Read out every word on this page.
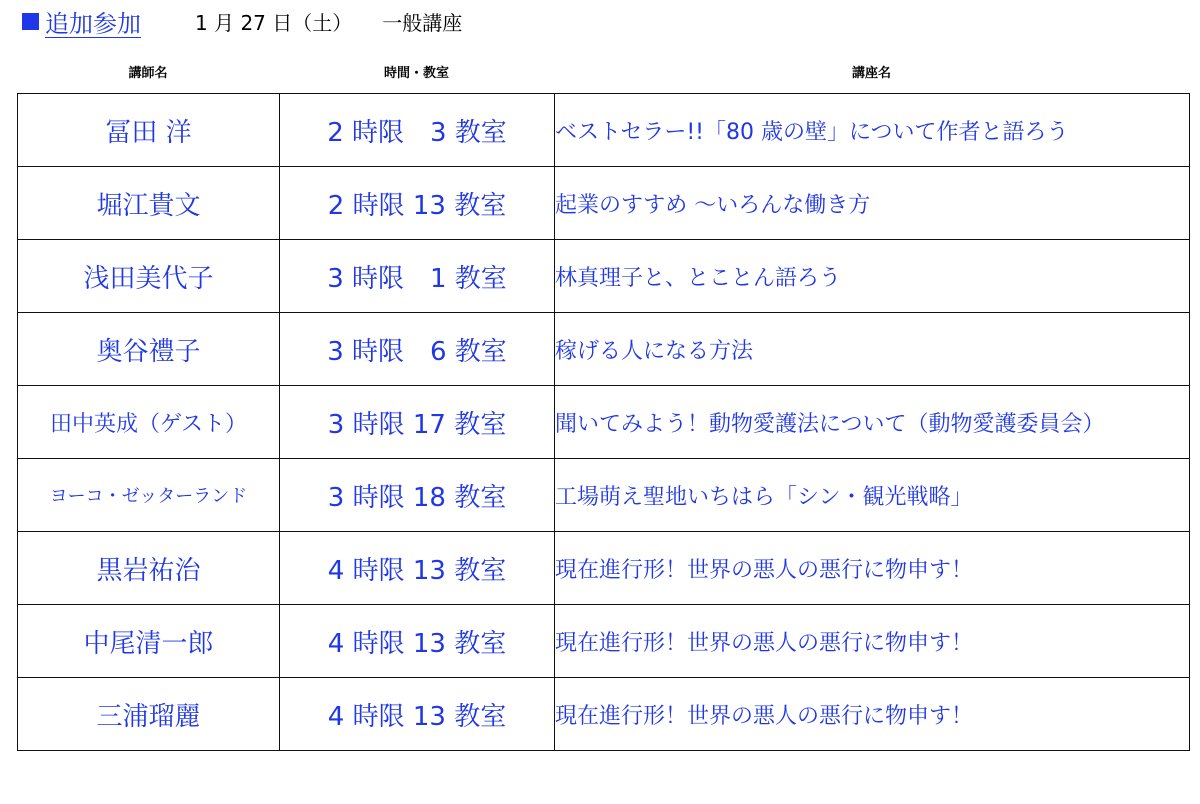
追加参加	1 月 27 日（土） 一般講座
講師名	時間・教室	講座名
冨田 洋	2 時限　3 教室	ベストセラー!!「80 歳の壁」について作者と語ろう
堀江貴文	2 時限 13 教室	起業のすすめ ～いろんな働き方
浅田美代子	3 時限　1 教室	林真理子と、とことん語ろう
奥谷禮子	3 時限　6 教室	稼げる人になる方法
田中英成（ゲスト）	3 時限 17 教室	聞いてみよう！動物愛護法について（動物愛護委員会）
ヨーコ・ゼッターランド	3 時限 18 教室	工場萌え聖地いちはら「シン・観光戦略」
黒岩祐治	4 時限 13 教室	現在進行形！世界の悪人の悪行に物申す！
中尾清一郎	4 時限 13 教室	現在進行形！世界の悪人の悪行に物申す！
三浦瑠麗	4 時限 13 教室	現在進行形！世界の悪人の悪行に物申す！
